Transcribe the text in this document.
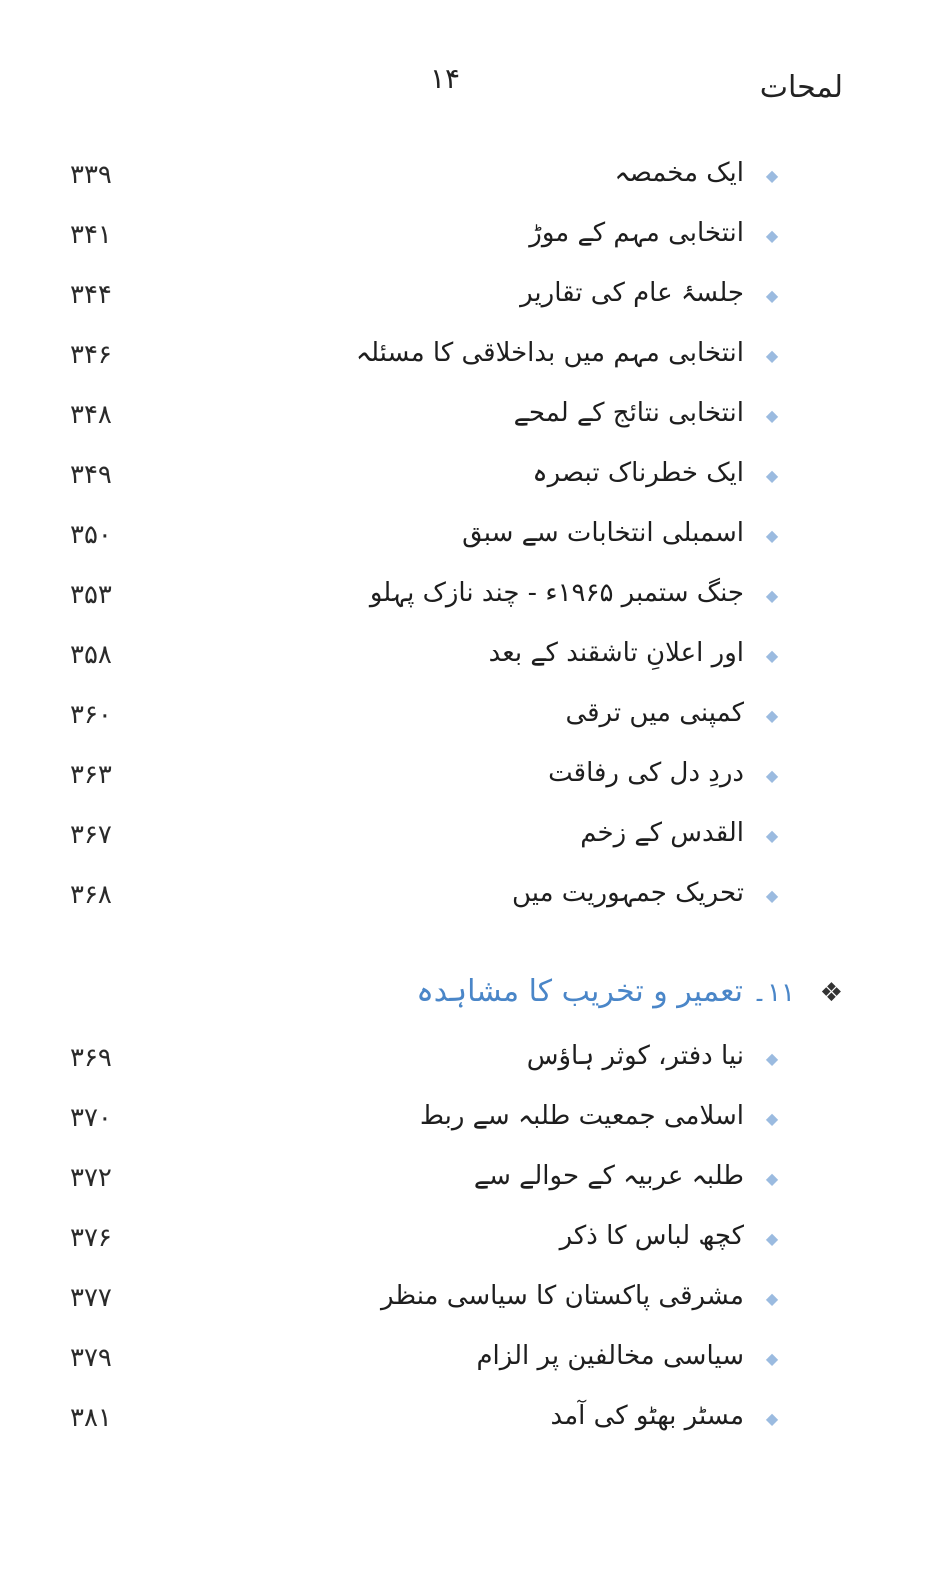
لمحات
۱۴
◆
ایک مخمصہ
۳۳۹
◆
انتخابی مہم کے موڑ
۳۴۱
◆
جلسۂ عام کی تقاریر
۳۴۴
◆
انتخابی مہم میں بداخلاقی کا مسئلہ
۳۴۶
◆
انتخابی نتائج کے لمحے
۳۴۸
◆
ایک خطرناک تبصرہ
۳۴۹
◆
اسمبلی انتخابات سے سبق
۳۵۰
◆
جنگ ستمبر ۱۹۶۵ء - چند نازک پہلو
۳۵۳
◆
اور اعلانِ تاشقند کے بعد
۳۵۸
◆
کمپنی میں ترقی
۳۶۰
◆
دردِ دل کی رفاقت
۳۶۳
◆
القدس کے زخم
۳۶۷
◆
تحریک جمہوریت میں
۳۶۸
❖
۱۱۔
تعمیر و تخریب کا مشاہدہ
◆
نیا دفتر، کوثر ہاؤس
۳۶۹
◆
اسلامی جمعیت طلبہ سے ربط
۳۷۰
◆
طلبہ عربیہ کے حوالے سے
۳۷۲
◆
کچھ لباس کا ذکر
۳۷۶
◆
مشرقی پاکستان کا سیاسی منظر
۳۷۷
◆
سیاسی مخالفین پر الزام
۳۷۹
◆
مسٹر بھٹو کی آمد
۳۸۱
